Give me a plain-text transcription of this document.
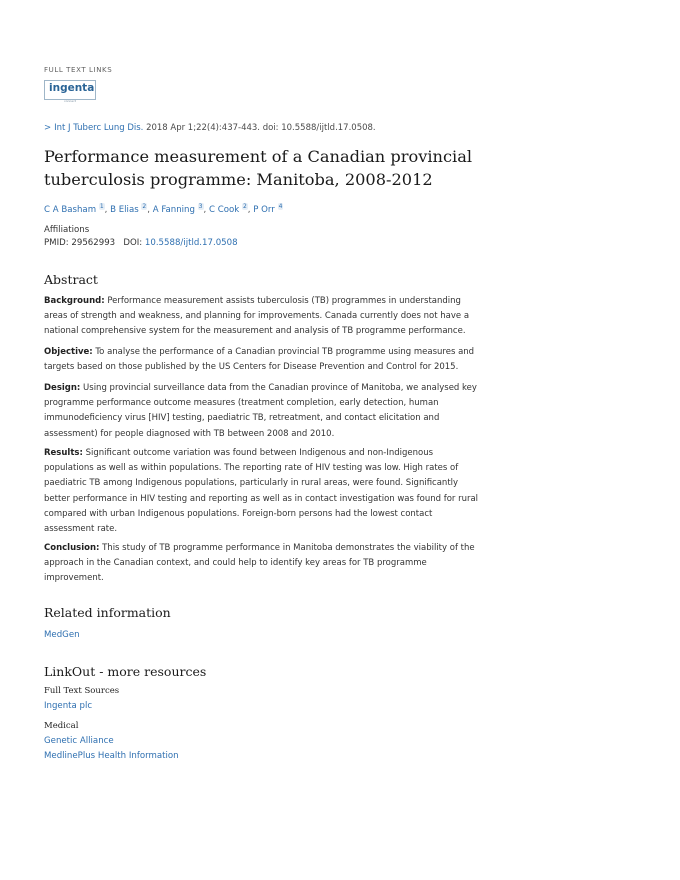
FULL TEXT LINKS
ingenta
connect
> Int J Tuberc Lung Dis. 2018 Apr 1;22(4):437-443. doi: 10.5588/ijtld.17.0508.
Performance measurement of a Canadian provincial tuberculosis programme: Manitoba, 2008-2012
C A Basham $^1$, B Elias $^2$, A Fanning $^3$, C Cook $^2$, P Orr $^4$
Affiliations
PMID: 29562993 DOI: 10.5588/ijtld.17.0508
Abstract
Background: Performance measurement assists tuberculosis (TB) programmes in understanding areas of strength and weakness, and planning for improvements. Canada currently does not have a national comprehensive system for the measurement and analysis of TB programme performance.
Objective: To analyse the performance of a Canadian provincial TB programme using measures and targets based on those published by the US Centers for Disease Prevention and Control for 2015.
Design: Using provincial surveillance data from the Canadian province of Manitoba, we analysed key programme performance outcome measures (treatment completion, early detection, human immunodeficiency virus [HIV] testing, paediatric TB, retreatment, and contact elicitation and assessment) for people diagnosed with TB between 2008 and 2010.
Results: Significant outcome variation was found between Indigenous and non-Indigenous populations as well as within populations. The reporting rate of HIV testing was low. High rates of paediatric TB among Indigenous populations, particularly in rural areas, were found. Significantly better performance in HIV testing and reporting as well as in contact investigation was found for rural compared with urban Indigenous populations. Foreign-born persons had the lowest contact assessment rate.
Conclusion: This study of TB programme performance in Manitoba demonstrates the viability of the approach in the Canadian context, and could help to identify key areas for TB programme improvement.
Related information
MedGen
LinkOut - more resources
Full Text Sources
Ingenta plc
Medical
Genetic Alliance
MedlinePlus Health Information
